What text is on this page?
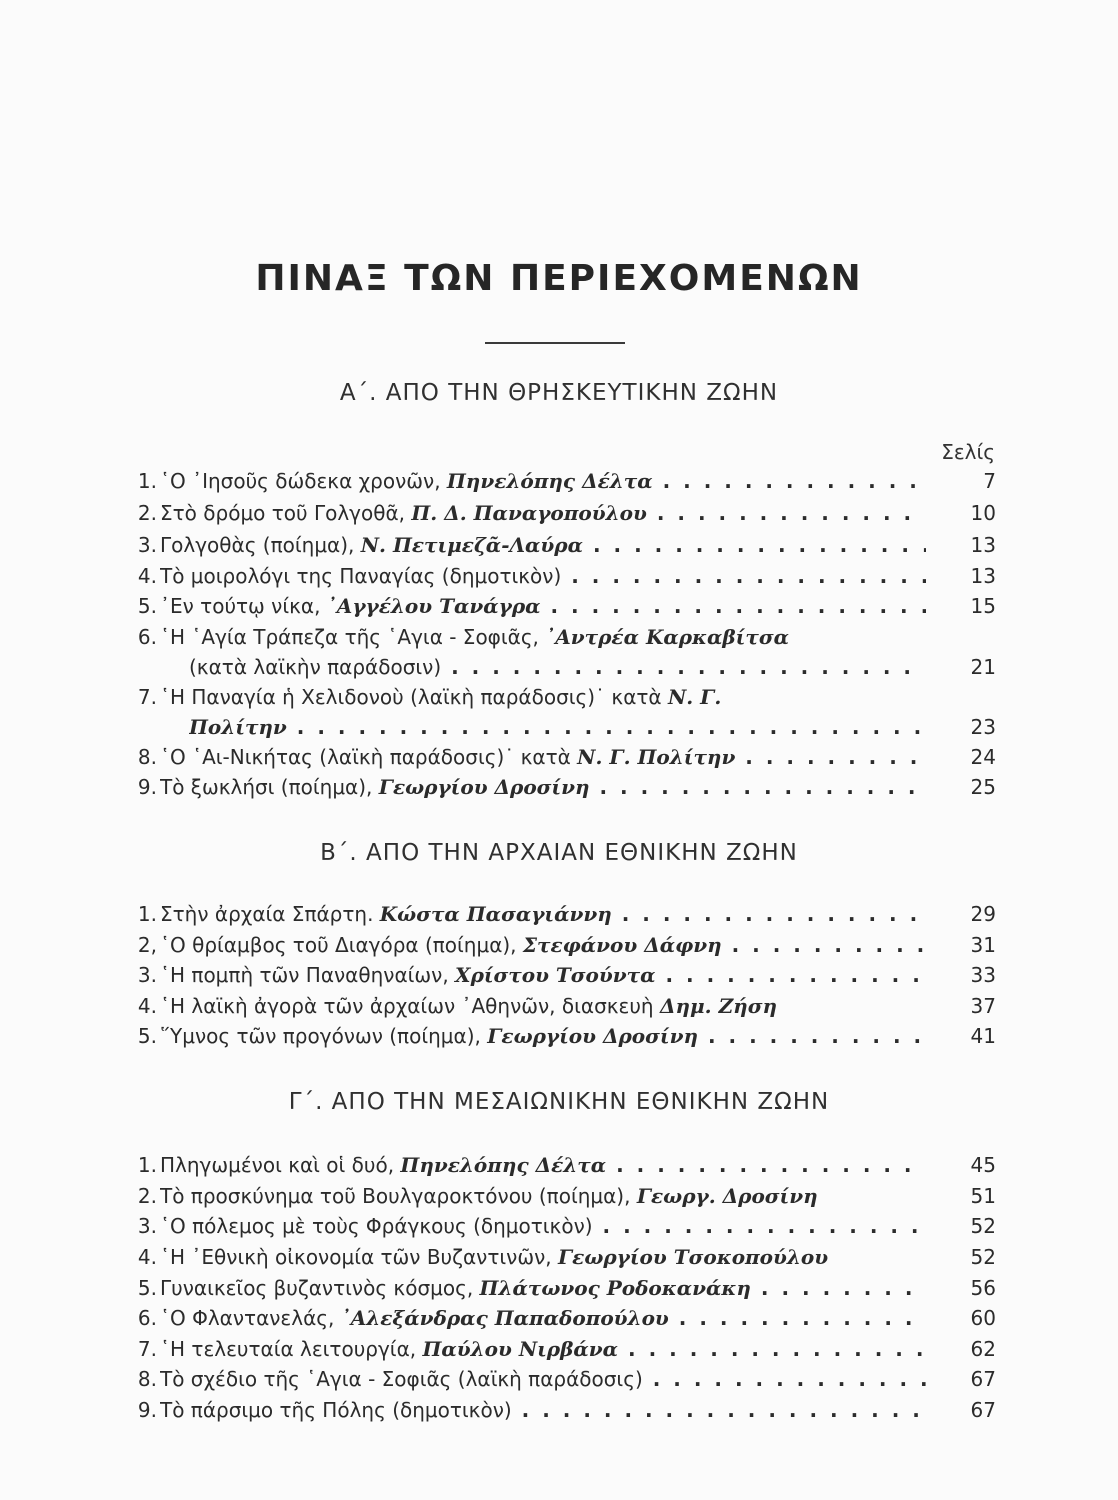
ΠΙΝΑΞ ΤΩΝ ΠΕΡΙΕΧΟΜΕΝΩΝ
Α΄. ΑΠΟ ΤΗΝ ΘΡΗΣΚΕΥΤΙΚΗΝ ΖΩΗΝ
Σελίς
1. ῾Ο ᾿Ιησοῦς δώδεκα χρονῶν, Πηνελόπης Δέλτα . . .	7
2. Στὸ δρόμο τοῦ Γολγοθᾶ, Π. Δ. Παναγοπούλου . . .	10
3. Γολγοθὰς (ποίημα), Ν. Πετιμεζᾶ-Λαύρα . . .	13
4. Τὸ μοιρολόγι της Παναγίας (δημοτικὸν) . . .	13
5. ᾿Εν τούτῳ νίκα, ᾿Αγγέλου Τανάγρα . . .	15
6. ῾Η ῾Αγία Τράπεζα τῆς ῾Αγια - Σοφιᾶς, ᾿Αντρέα Καρκαβίτσα
(κατὰ λαϊκὴν παράδοσιν) . . .	21
7. ῾Η Παναγία ἡ Χελιδονοὺ (λαϊκὴ παράδοσις)˙ κατὰ Ν. Γ.
Πολίτην . . .	23
8. ῾Ο ῾Αι-Νικήτας (λαϊκὴ παράδοσις)˙ κατὰ Ν. Γ. Πολίτην . . .	24
9. Τὸ ξωκλήσι (ποίημα), Γεωργίου Δροσίνη . . .	25
Β΄. ΑΠΟ ΤΗΝ ΑΡΧΑΙΑΝ ΕΘΝΙΚΗΝ ΖΩΗΝ
1. Στὴν ἀρχαία Σπάρτη. Κώστα Πασαγιάννη . . .	29
2, ῾Ο θρίαμβος τοῦ Διαγόρα (ποίημα), Στεφάνου Δάφνη . . .	31
3. ῾Η πομπὴ τῶν Παναθηναίων, Χρίστου Τσούντα . . .	33
4. ῾Η λαϊκὴ ἀγορὰ τῶν ἀρχαίων ᾿Αθηνῶν, διασκευὴ Δημ. Ζήση	37
5. ῞Υμνος τῶν προγόνων (ποίημα), Γεωργίου Δροσίνη . . .	41
Γ΄. ΑΠΟ ΤΗΝ ΜΕΣΑΙΩΝΙΚΗΝ ΕΘΝΙΚΗΝ ΖΩΗΝ
1. Πληγωμένοι καὶ οἱ δυό, Πηνελόπης Δέλτα . . .	45
2. Τὸ προσκύνημα τοῦ Βουλγαροκτόνου (ποίημα), Γεωργ. Δροσίνη	51
3. ῾Ο πόλεμος μὲ τοὺς Φράγκους (δημοτικὸν) . . .	52
4. ῾Η ᾿Εθνικὴ οἰκονομία τῶν Βυζαντινῶν, Γεωργίου Τσοκοπούλου	52
5. Γυναικεῖος βυζαντινὸς κόσμος, Πλάτωνος Ροδοκανάκη . . .	56
6. ῾Ο Φλαντανελάς, ᾿Αλεξάνδρας Παπαδοπούλου . . .	60
7. ῾Η τελευταία λειτουργία, Παύλου Νιρβάνα . . .	62
8. Τὸ σχέδιο τῆς ῾Αγια - Σοφιᾶς (λαϊκὴ παράδοσις) . . .	67
9. Τὸ πάρσιμο τῆς Πόλης (δημοτικὸν) . . .	67
